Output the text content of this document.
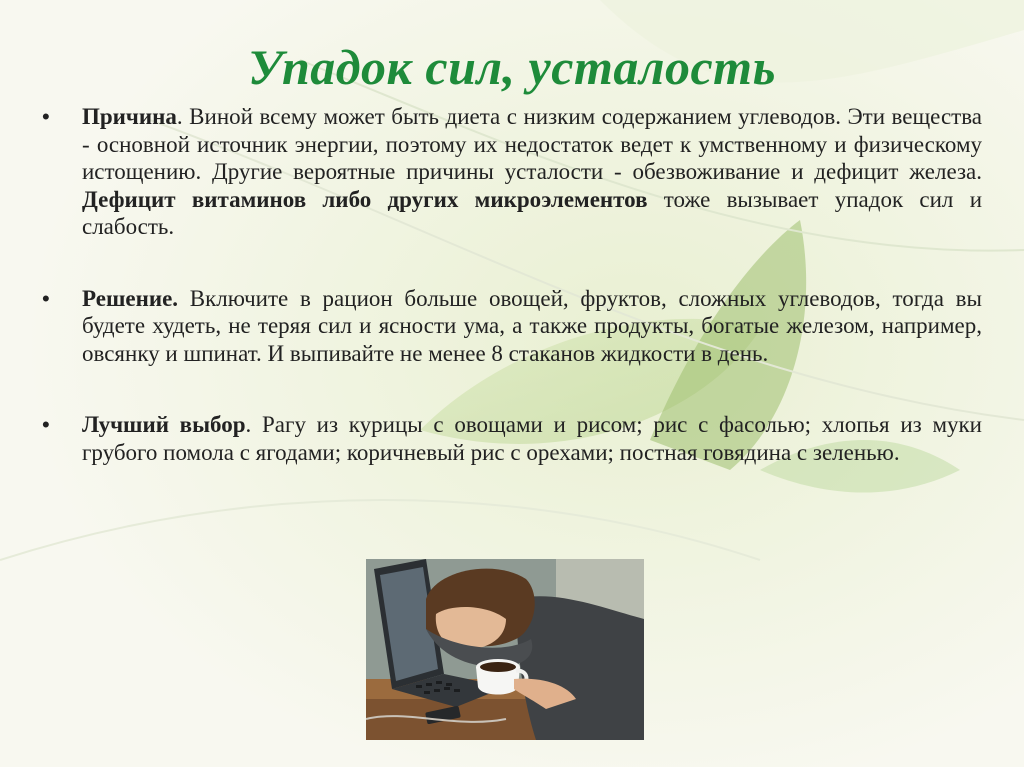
Упадок сил, усталость
• Причина. Виной всему может быть диета с низким содержанием углеводов. Эти вещества - основной источник энергии, поэтому их недостаток ведет к умственному и физическому истощению. Другие вероятные причины усталости - обезвоживание и дефицит железа. Дефицит витаминов либо других микроэлементов тоже вызывает упадок сил и слабость.
• Решение. Включите в рацион больше овощей, фруктов, сложных углеводов, тогда вы будете худеть, не теряя сил и ясности ума, а также продукты, богатые железом, например, овсянку и шпинат. И выпивайте не менее 8 стаканов жидкости в день.
• Лучший выбор. Рагу из курицы с овощами и рисом; рис с фасолью; хлопья из муки грубого помола с ягодами; коричневый рис с орехами; постная говядина с зеленью.
